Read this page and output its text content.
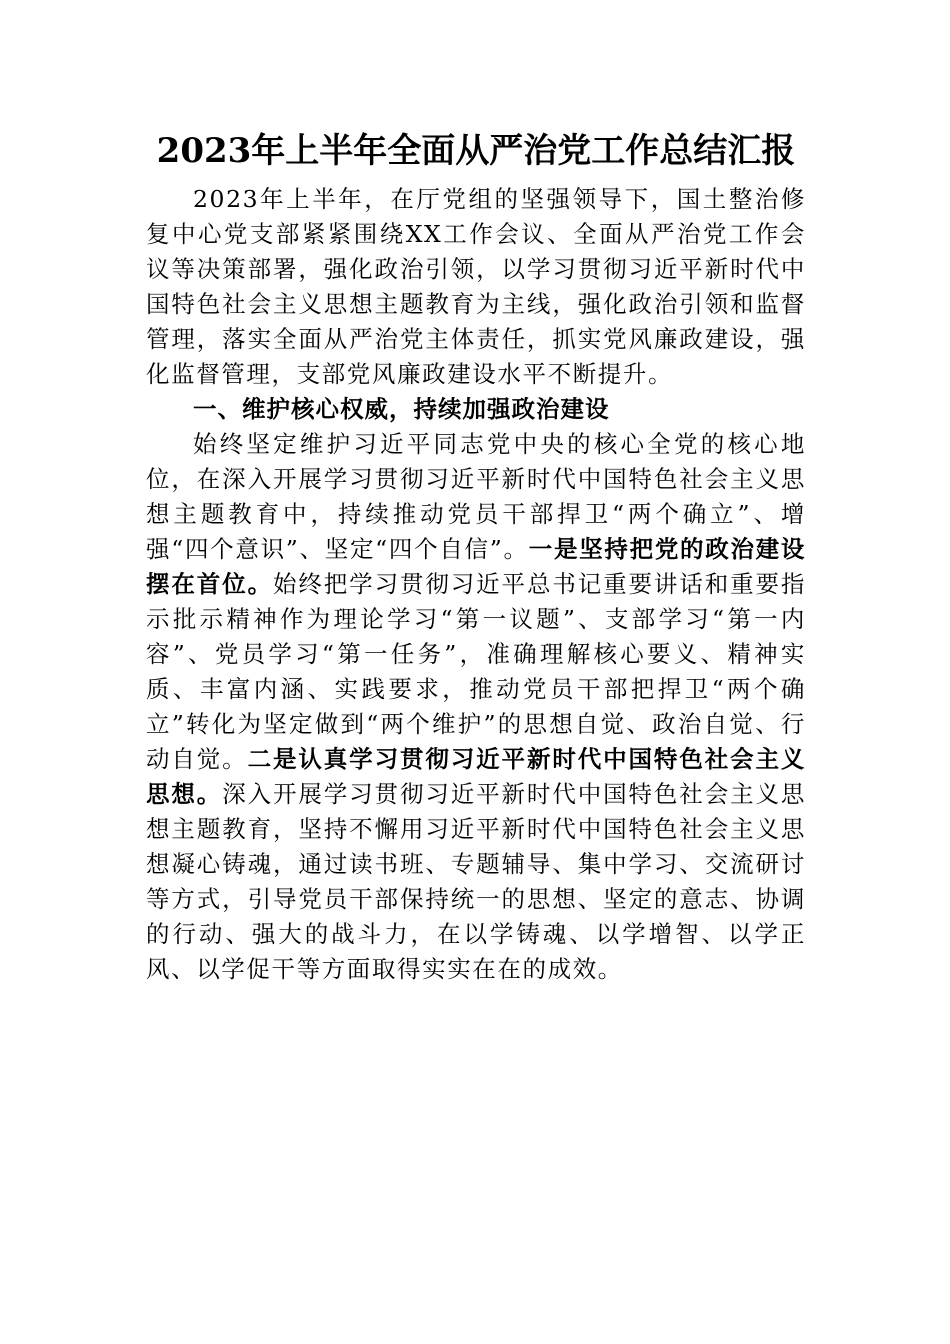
2023年上半年全面从严治党工作总结汇报

2023年上半年，在厅党组的坚强领导下，国土整治修复中心党支部紧紧围绕XX工作会议、全面从严治党工作会议等决策部署，强化政治引领，以学习贯彻习近平新时代中国特色社会主义思想主题教育为主线，强化政治引领和监督管理，落实全面从严治党主体责任，抓实党风廉政建设，强化监督管理，支部党风廉政建设水平不断提升。

一、维护核心权威，持续加强政治建设

始终坚定维护习近平同志党中央的核心全党的核心地位，在深入开展学习贯彻习近平新时代中国特色社会主义思想主题教育中，持续推动党员干部捍卫“两个确立”、增强“四个意识”、坚定“四个自信”。一是坚持把党的政治建设摆在首位。始终把学习贯彻习近平总书记重要讲话和重要指示批示精神作为理论学习“第一议题”、支部学习“第一内容”、党员学习“第一任务”，准确理解核心要义、精神实质、丰富内涵、实践要求，推动党员干部把捍卫“两个确立”转化为坚定做到“两个维护”的思想自觉、政治自觉、行动自觉。二是认真学习贯彻习近平新时代中国特色社会主义思想。深入开展学习贯彻习近平新时代中国特色社会主义思想主题教育，坚持不懈用习近平新时代中国特色社会主义思想凝心铸魂，通过读书班、专题辅导、集中学习、交流研讨等方式，引导党员干部保持统一的思想、坚定的意志、协调的行动、强大的战斗力，在以学铸魂、以学增智、以学正风、以学促干等方面取得实实在在的成效。
